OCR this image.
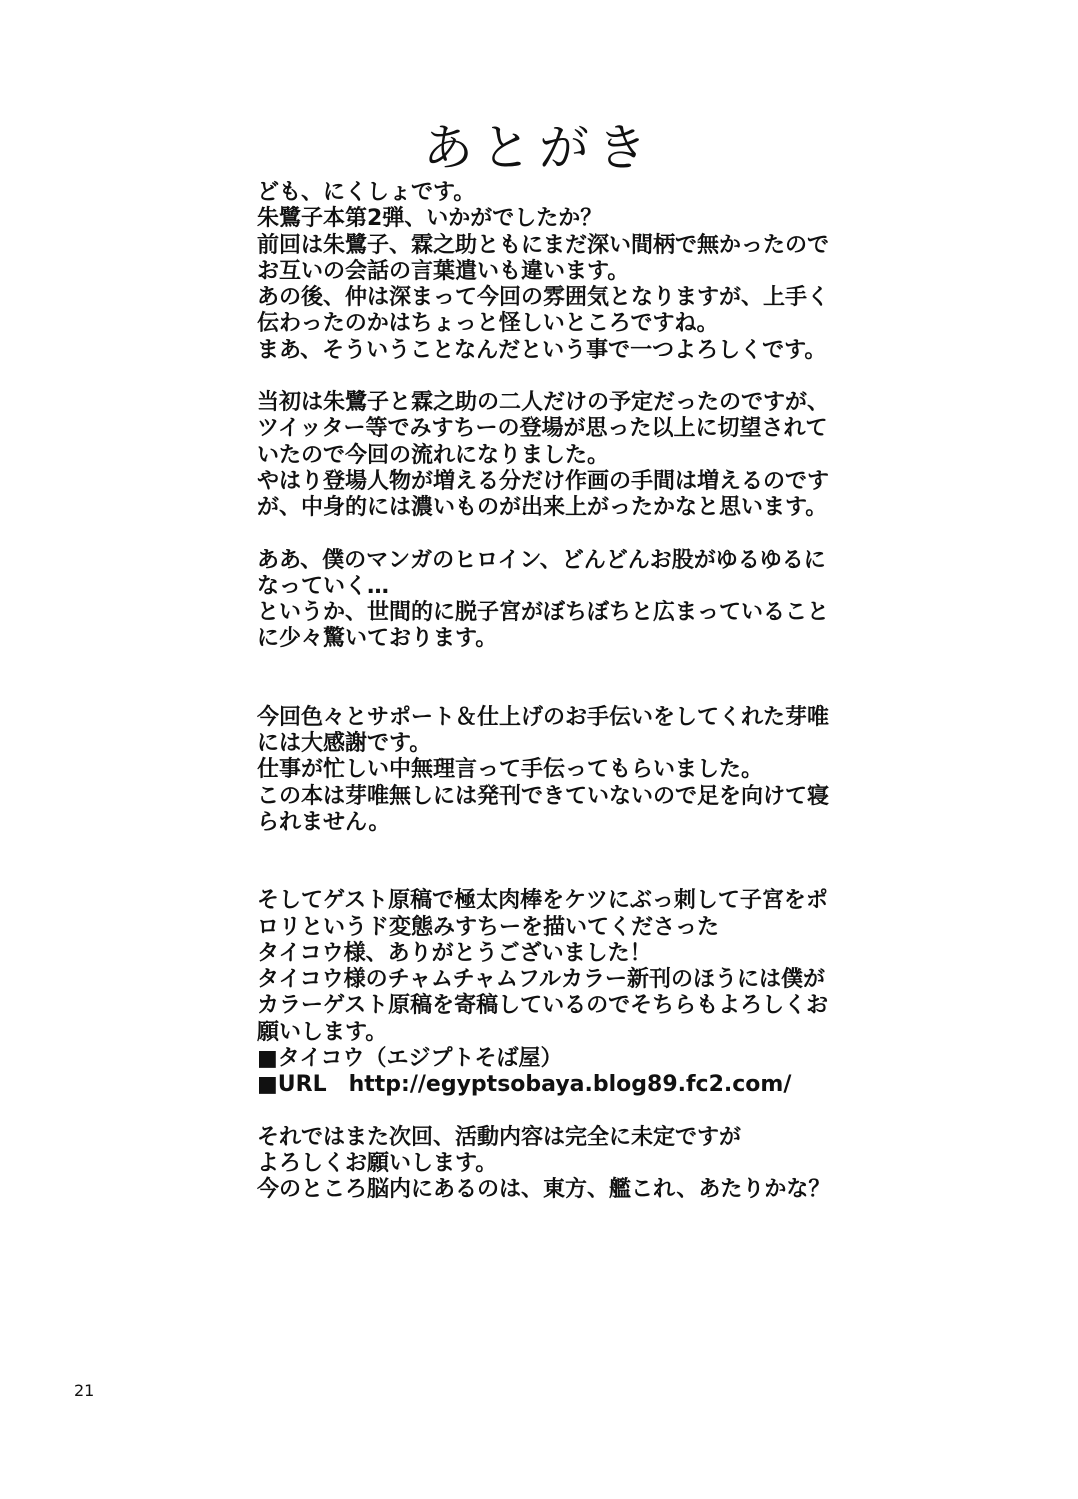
あとがき
ども、にくしょです。
朱鷺子本第2弾、いかがでしたか？
前回は朱鷺子、霖之助ともにまだ深い間柄で無かったので
お互いの会話の言葉遣いも違います。
あの後、仲は深まって今回の雰囲気となりますが、上手く
伝わったのかはちょっと怪しいところですね。
まあ、そういうことなんだという事で一つよろしくです。
当初は朱鷺子と霖之助の二人だけの予定だったのですが、
ツイッター等でみすちーの登場が思った以上に切望されて
いたので今回の流れになりました。
やはり登場人物が増える分だけ作画の手間は増えるのです
が、中身的には濃いものが出来上がったかなと思います。
ああ、僕のマンガのヒロイン、どんどんお股がゆるゆるに
なっていく…
というか、世間的に脱子宮がぼちぼちと広まっていること
に少々驚いております。
今回色々とサポート＆仕上げのお手伝いをしてくれた芽唯
には大感謝です。
仕事が忙しい中無理言って手伝ってもらいました。
この本は芽唯無しには発刊できていないので足を向けて寝
られません。
そしてゲスト原稿で極太肉棒をケツにぶっ刺して子宮をポ
ロリというド変態みすちーを描いてくださった
タイコウ様、ありがとうございました！
タイコウ様のチャムチャムフルカラー新刊のほうには僕が
カラーゲスト原稿を寄稿しているのでそちらもよろしくお
願いします。
■タイコウ（エジプトそば屋）
■URL　http://egyptsobaya.blog89.fc2.com/
それではまた次回、活動内容は完全に未定ですが
よろしくお願いします。
今のところ脳内にあるのは、東方、艦これ、あたりかな？
21
